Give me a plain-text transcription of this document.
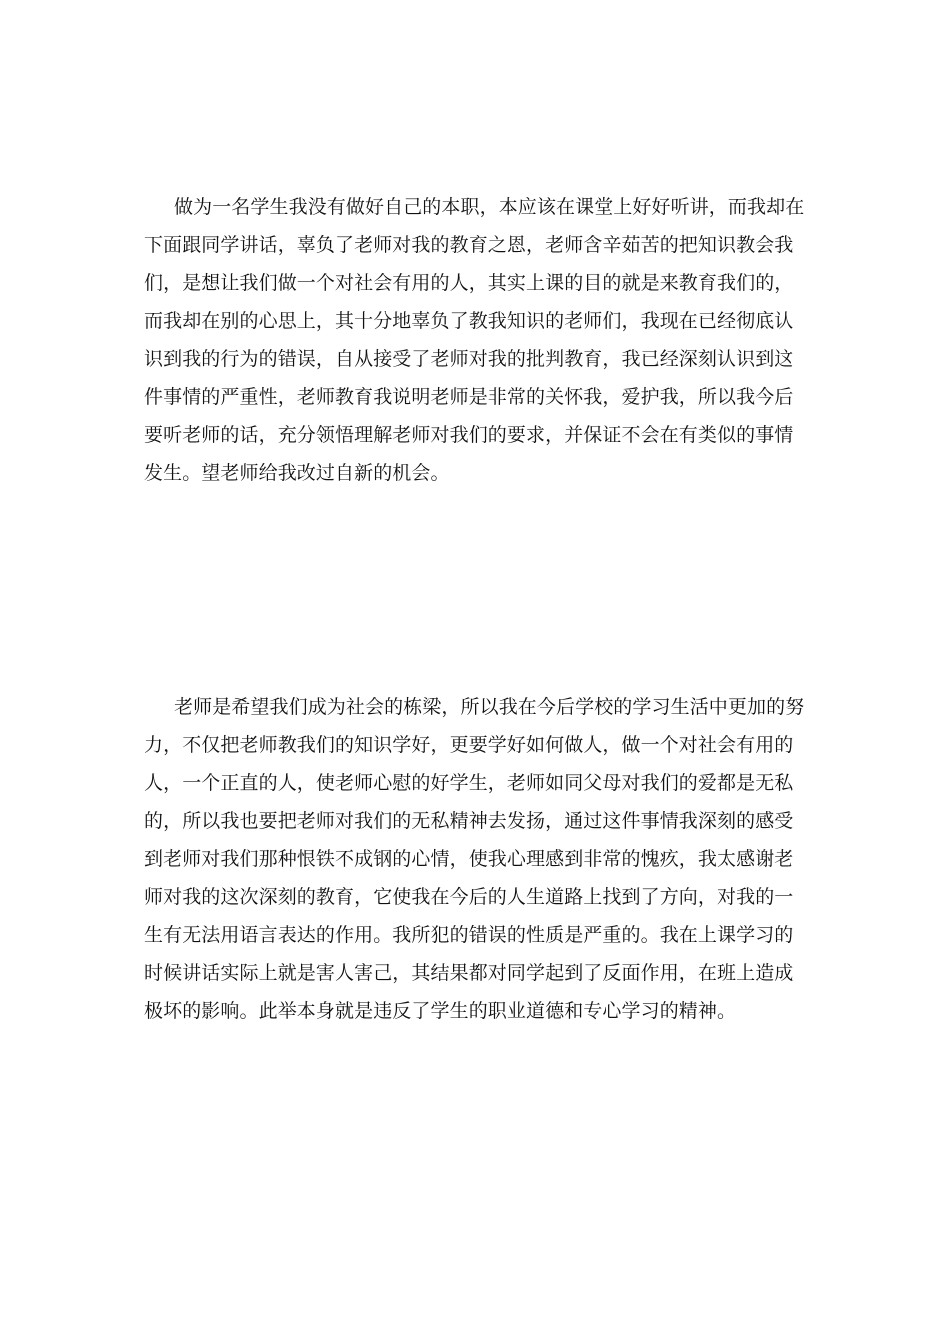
做为一名学生我没有做好自己的本职，本应该在课堂上好好听讲，而我却在
下面跟同学讲话，辜负了老师对我的教育之恩，老师含辛茹苦的把知识教会我
们，是想让我们做一个对社会有用的人，其实上课的目的就是来教育我们的，
而我却在别的心思上，其十分地辜负了教我知识的老师们，我现在已经彻底认
识到我的行为的错误，自从接受了老师对我的批判教育，我已经深刻认识到这
件事情的严重性，老师教育我说明老师是非常的关怀我，爱护我，所以我今后
要听老师的话，充分领悟理解老师对我们的要求，并保证不会在有类似的事情
发生。望老师给我改过自新的机会。
老师是希望我们成为社会的栋梁，所以我在今后学校的学习生活中更加的努
力，不仅把老师教我们的知识学好，更要学好如何做人，做一个对社会有用的
人，一个正直的人，使老师心慰的好学生，老师如同父母对我们的爱都是无私
的，所以我也要把老师对我们的无私精神去发扬，通过这件事情我深刻的感受
到老师对我们那种恨铁不成钢的心情，使我心理感到非常的愧疚，我太感谢老
师对我的这次深刻的教育，它使我在今后的人生道路上找到了方向，对我的一
生有无法用语言表达的作用。我所犯的错误的性质是严重的。我在上课学习的
时候讲话实际上就是害人害己，其结果都对同学起到了反面作用，在班上造成
极坏的影响。此举本身就是违反了学生的职业道德和专心学习的精神。
